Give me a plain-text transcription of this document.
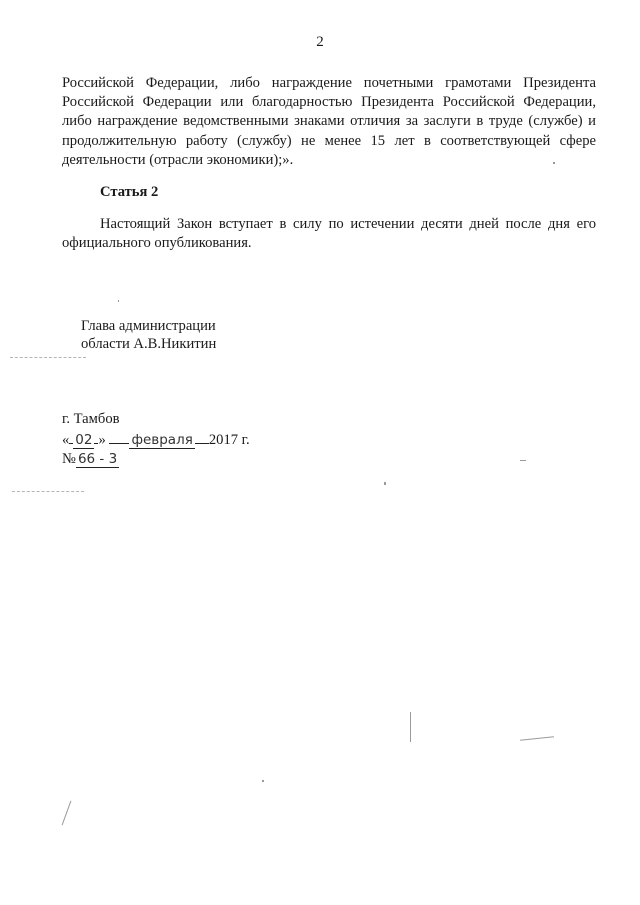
2

Российской Федерации, либо награждение почетными грамотами Президента Российской Федерации или благодарностью Президента Российской Федерации, либо награждение ведомственными знаками отличия за заслуги в труде (службе) и продолжительную работу (службу) не менее 15 лет в соответствующей сфере деятельности (отрасли экономики);».

Статья 2

Настоящий Закон вступает в силу по истечении десяти дней после дня его официального опубликования.

Глава администрации
области А.В.Никитин
г. Тамбов
« 02 » февраля 2017 г.
№ 66 - 3
